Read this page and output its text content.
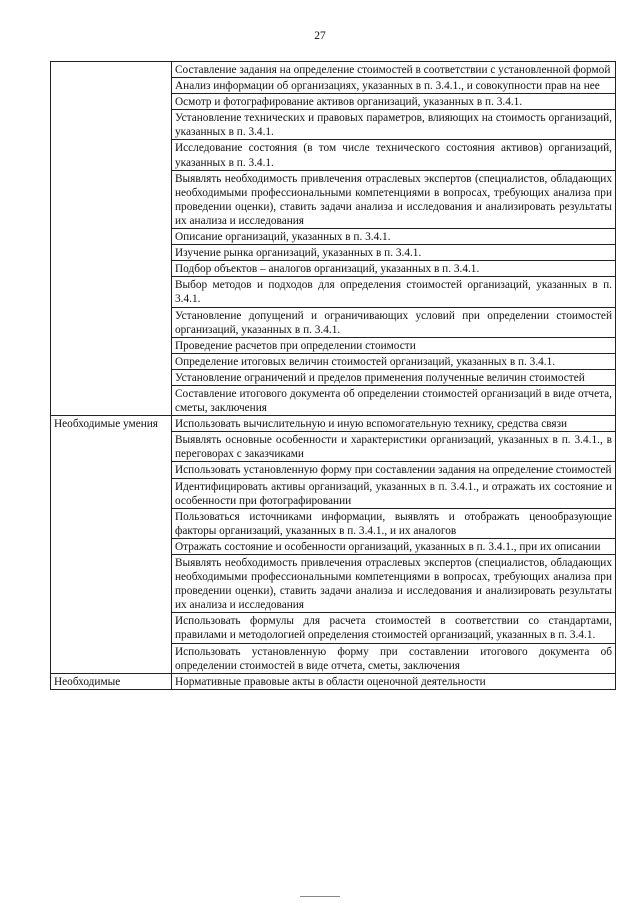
27
	Составление задания на определение стоимостей в соответствии с установленной формой
	Анализ информации об организациях, указанных в п. 3.4.1., и совокупности прав на нее
	Осмотр и фотографирование активов организаций, указанных в п. 3.4.1.
	Установление технических и правовых параметров, влияющих на стоимость организаций, указанных в п. 3.4.1.
	Исследование состояния (в том числе технического состояния активов) организаций, указанных в п. 3.4.1.
	Выявлять необходимость привлечения отраслевых экспертов (специалистов, обладающих необходимыми профессиональными компетенциями в вопросах, требующих анализа при проведении оценки), ставить задачи анализа и исследования и анализировать результаты их анализа и исследования
	Описание организаций, указанных в п. 3.4.1.
	Изучение рынка организаций, указанных в п. 3.4.1.
	Подбор объектов – аналогов организаций, указанных в п. 3.4.1.
	Выбор методов и подходов для определения стоимостей организаций, указанных в п. 3.4.1.
	Установление допущений и ограничивающих условий при определении стоимостей организаций, указанных в п. 3.4.1.
	Проведение расчетов при определении стоимости
	Определение итоговых величин стоимостей организаций, указанных в п. 3.4.1.
	Установление ограничений и пределов применения полученные величин стоимостей
	Составление итогового документа об определении стоимостей организаций в виде отчета, сметы, заключения
Необходимые умения	Использовать вычислительную и иную вспомогательную технику, средства связи
	Выявлять основные особенности и характеристики организаций, указанных в п. 3.4.1., в переговорах с заказчиками
	Использовать установленную форму при составлении задания на определение стоимостей
	Идентифицировать активы организаций, указанных в п. 3.4.1., и отражать их состояние и особенности при фотографировании
	Пользоваться источниками информации, выявлять и отображать ценообразующие факторы организаций, указанных в п. 3.4.1., и их аналогов
	Отражать состояние и особенности организаций, указанных в п. 3.4.1., при их описании
	Выявлять необходимость привлечения отраслевых экспертов (специалистов, обладающих необходимыми профессиональными компетенциями в вопросах, требующих анализа при проведении оценки), ставить задачи анализа и исследования и анализировать результаты их анализа и исследования
	Использовать формулы для расчета стоимостей в соответствии со стандартами, правилами и методологией определения стоимостей организаций, указанных в п. 3.4.1.
	Использовать установленную форму при составлении итогового документа об определении стоимостей в виде отчета, сметы, заключения
Необходимые	Нормативные правовые акты в области оценочной деятельности
